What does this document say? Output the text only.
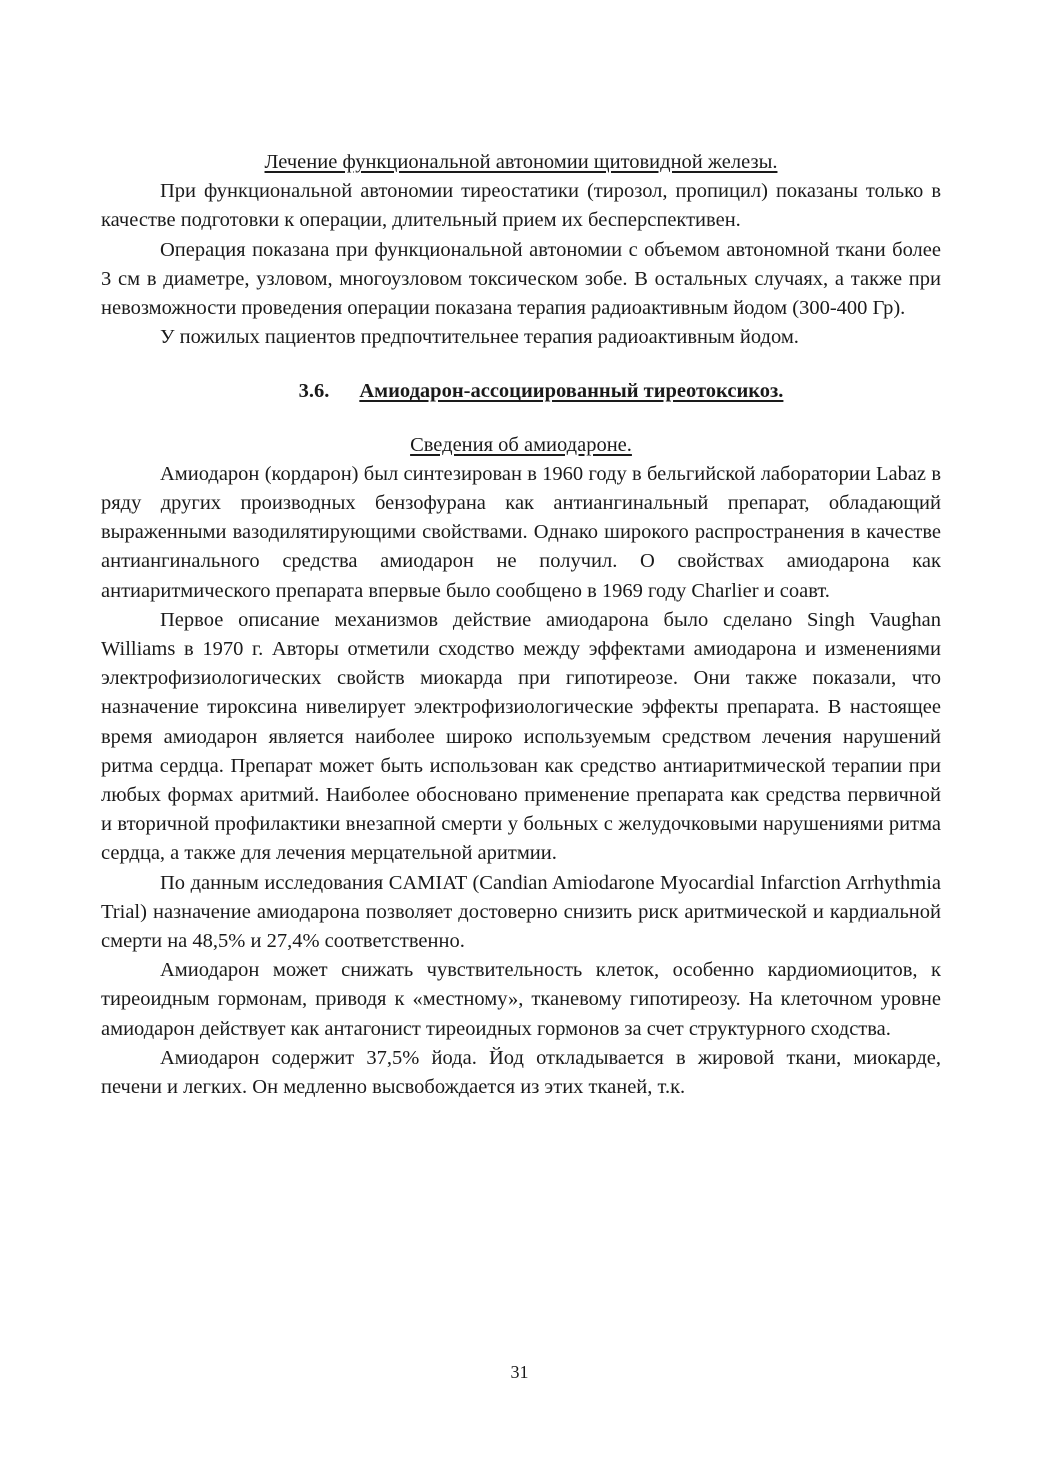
Лечение функциональной автономии щитовидной железы.

При функциональной автономии тиреостатики (тирозол, пропицил) показаны только в качестве подготовки к операции, длительный прием их бесперспективен.

Операция показана при функциональной автономии с объемом автономной ткани более 3 см в диаметре, узловом, многоузловом токсическом зобе. В остальных случаях, а также при невозможности проведения операции показана терапия радиоактивным йодом (300-400 Гр).

У пожилых пациентов предпочтительнее терапия радиоактивным йодом.

3.6. Амиодарон-ассоциированный тиреотоксикоз.

Сведения об амиодароне.

Амиодарон (кордарон) был синтезирован в 1960 году в бельгийской лаборатории Labaz в ряду других производных бензофурана как антиангинальный препарат, обладающий выраженными вазодилятирующими свойствами. Однако широкого распространения в качестве антиангинального средства амиодарон не получил. О свойствах амиодарона как антиаритмического препарата впервые было сообщено в 1969 году Charlier и соавт.

Первое описание механизмов действие амиодарона было сделано Singh Vaughan Williams в 1970 г. Авторы отметили сходство между эффектами амиодарона и изменениями электрофизиологических свойств миокарда при гипотиреозе. Они также показали, что назначение тироксина нивелирует электрофизиологические эффекты препарата. В настоящее время амиодарон является наиболее широко используемым средством лечения нарушений ритма сердца. Препарат может быть использован как средство антиаритмической терапии при любых формах аритмий. Наиболее обосновано применение препарата как средства первичной и вторичной профилактики внезапной смерти у больных с желудочковыми нарушениями ритма сердца, а также для лечения мерцательной аритмии.

По данным исследования CAMIAT (Candian Amiodarone Myocardial Infarction Arrhythmia Trial) назначение амиодарона позволяет достоверно снизить риск аритмической и кардиальной смерти на 48,5% и 27,4% соответственно.

Амиодарон может снижать чувствительность клеток, особенно кардиомиоцитов, к тиреоидным гормонам, приводя к «местному», тканевому гипотиреозу. На клеточном уровне амиодарон действует как антагонист тиреоидных гормонов за счет структурного сходства.

Амиодарон содержит 37,5% йода. Йод откладывается в жировой ткани, миокарде, печени и легких. Он медленно высвобождается из этих тканей, т.к.

31
